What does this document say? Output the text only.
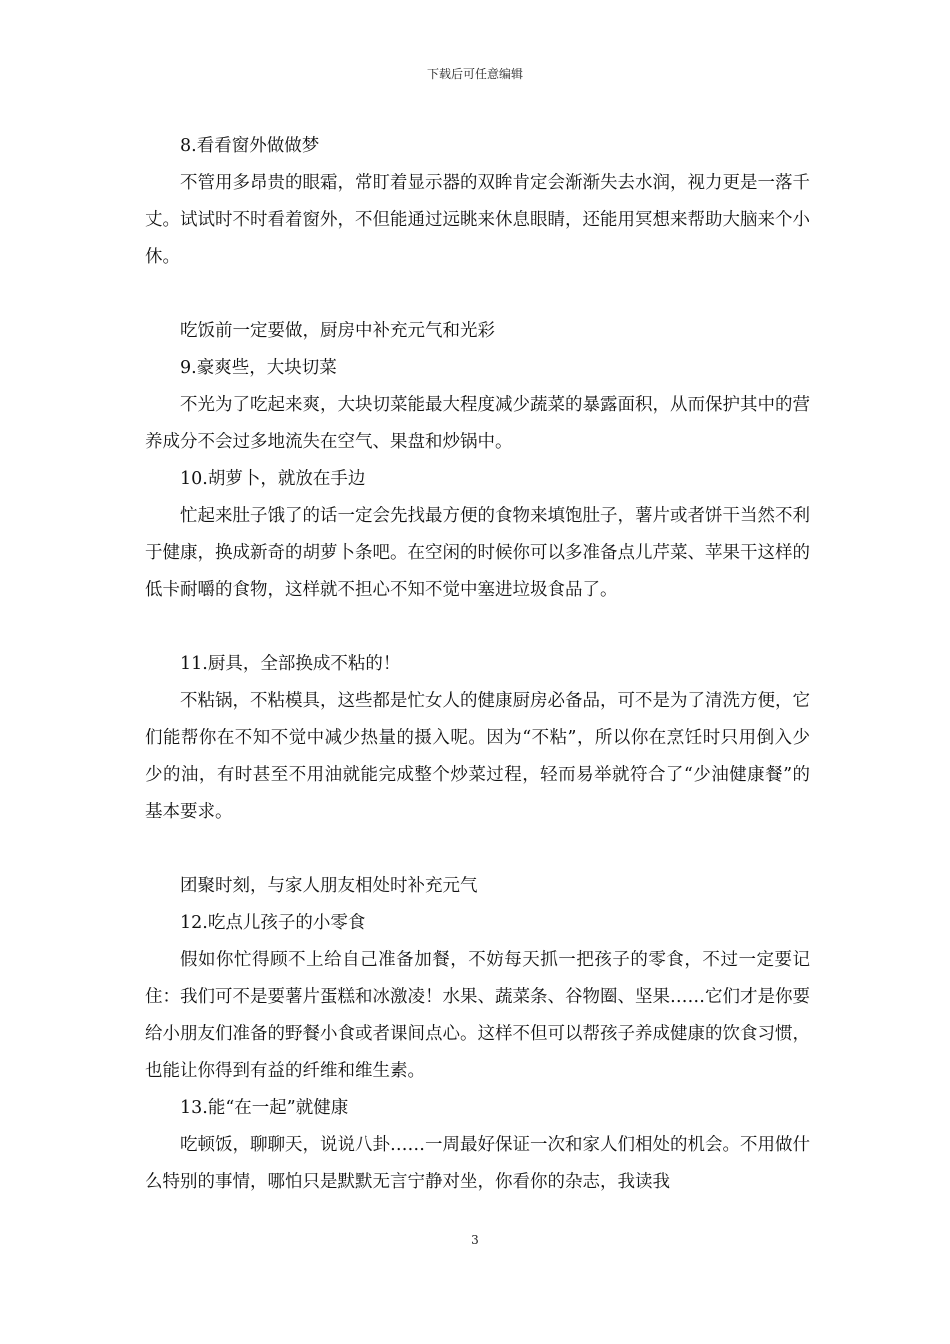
下载后可任意编辑

8.看看窗外做做梦

不管用多昂贵的眼霜，常盯着显示器的双眸肯定会渐渐失去水润，视力更是一落千丈。试试时不时看着窗外，不但能通过远眺来休息眼睛，还能用冥想来帮助大脑来个小休。

吃饭前一定要做，厨房中补充元气和光彩

9.豪爽些，大块切菜

不光为了吃起来爽，大块切菜能最大程度减少蔬菜的暴露面积，从而保护其中的营养成分不会过多地流失在空气、果盘和炒锅中。

10.胡萝卜，就放在手边

忙起来肚子饿了的话一定会先找最方便的食物来填饱肚子，薯片或者饼干当然不利于健康，换成新奇的胡萝卜条吧。在空闲的时候你可以多准备点儿芹菜、苹果干这样的低卡耐嚼的食物，这样就不担心不知不觉中塞进垃圾食品了。

11.厨具，全部换成不粘的！

不粘锅，不粘模具，这些都是忙女人的健康厨房必备品，可不是为了清洗方便，它们能帮你在不知不觉中减少热量的摄入呢。因为“不粘”，所以你在烹饪时只用倒入少少的油，有时甚至不用油就能完成整个炒菜过程，轻而易举就符合了“少油健康餐”的基本要求。

团聚时刻，与家人朋友相处时补充元气

12.吃点儿孩子的小零食

假如你忙得顾不上给自己准备加餐，不妨每天抓一把孩子的零食，不过一定要记住：我们可不是要薯片蛋糕和冰激凌！水果、蔬菜条、谷物圈、坚果……它们才是你要给小朋友们准备的野餐小食或者课间点心。这样不但可以帮孩子养成健康的饮食习惯，也能让你得到有益的纤维和维生素。

13.能“在一起”就健康

吃顿饭，聊聊天，说说八卦……一周最好保证一次和家人们相处的机会。不用做什么特别的事情，哪怕只是默默无言宁静对坐，你看你的杂志，我读我

3
